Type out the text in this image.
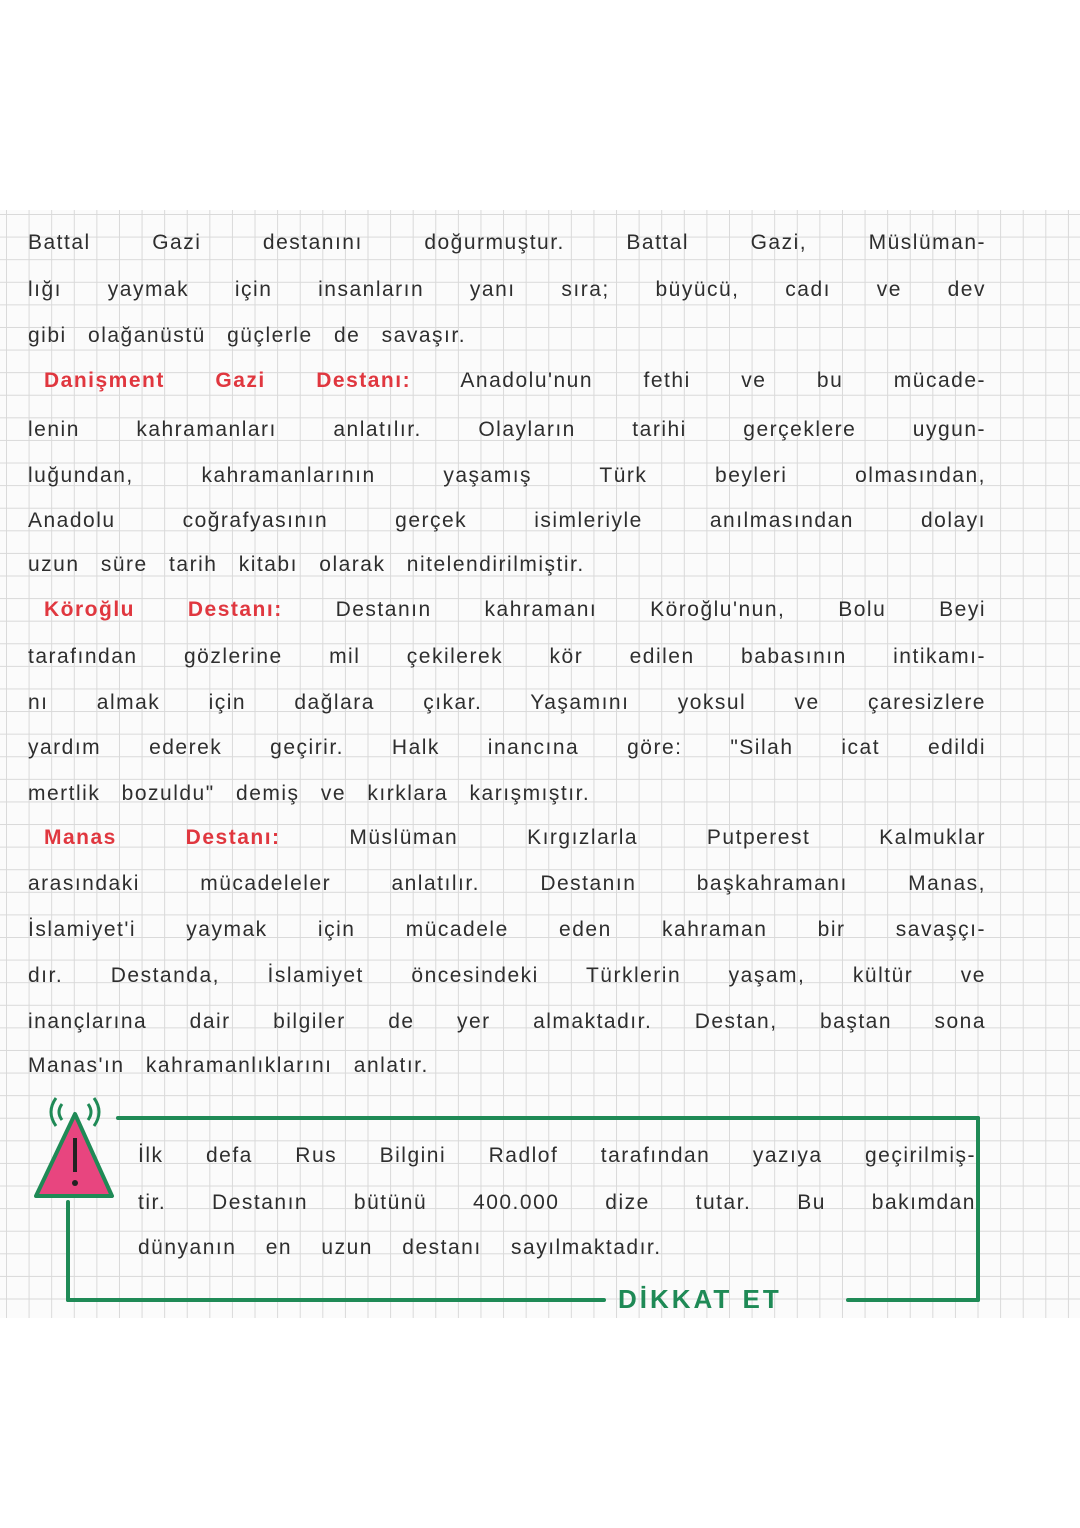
Battal Gazi destanını doğurmuştur. Battal Gazi, Müslüman-
lığı yaymak için insanların yanı sıra; büyücü, cadı ve dev
gibi olağanüstü güçlerle de savaşır.
Danişment Gazi Destanı: Anadolu'nun fethi ve bu mücade-
lenin kahramanları anlatılır. Olayların tarihi gerçeklere uygun-
luğundan, kahramanlarının yaşamış Türk beyleri olmasından,
Anadolu coğrafyasının gerçek isimleriyle anılmasından dolayı
uzun süre tarih kitabı olarak nitelendirilmiştir.
Köroğlu Destanı: Destanın kahramanı Köroğlu'nun, Bolu Beyi
tarafından gözlerine mil çekilerek kör edilen babasının intikamı-
nı almak için dağlara çıkar. Yaşamını yoksul ve çaresizlere
yardım ederek geçirir. Halk inancına göre: "Silah icat edildi
mertlik bozuldu" demiş ve kırklara karışmıştır.
Manas Destanı: Müslüman Kırgızlarla Putperest Kalmuklar
arasındaki mücadeleler anlatılır. Destanın başkahramanı Manas,
İslamiyet'i yaymak için mücadele eden kahraman bir savaşçı-
dır. Destanda, İslamiyet öncesindeki Türklerin yaşam, kültür ve
inançlarına dair bilgiler de yer almaktadır. Destan, baştan sona
Manas'ın kahramanlıklarını anlatır.
İlk defa Rus Bilgini Radlof tarafından yazıya geçirilmiş-
tir. Destanın bütünü 400.000 dize tutar. Bu bakımdan
dünyanın en uzun destanı sayılmaktadır.
DİKKAT ET
